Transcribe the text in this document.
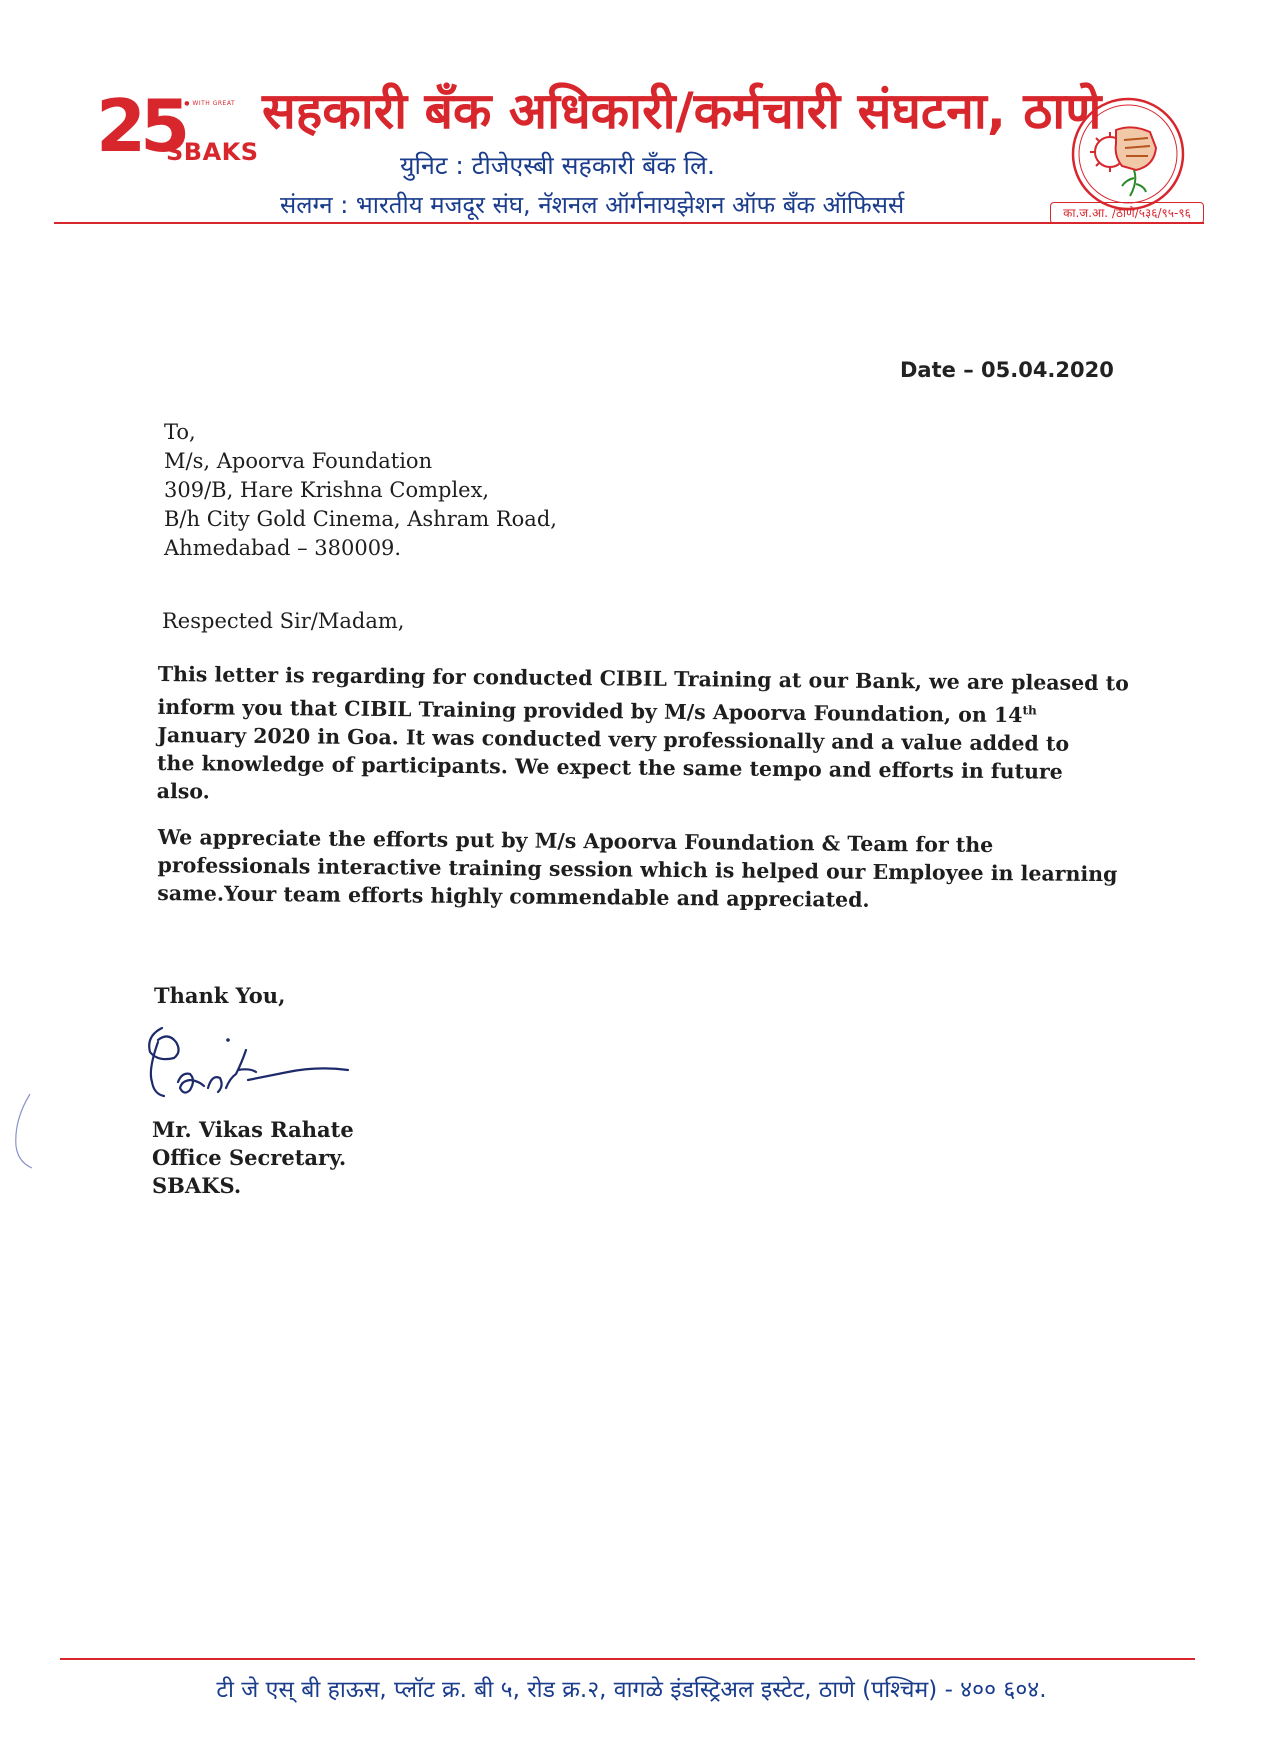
25
● ● ● WITH GREAT
SBAKS
सहकारी बँक अधिकारी/कर्मचारी संघटना, ठाणे
युनिट : टीजेएस्बी सहकारी बँक लि.
संलग्न : भारतीय मजदूर संघ, नॅशनल ऑर्गनायझेशन ऑफ बँक ऑफिसर्स	का.ज.आ. /ठाणे/५३६/९५-९६
Date – 05.04.2020
To,
M/s, Apoorva Foundation
309/B, Hare Krishna Complex,
B/h City Gold Cinema, Ashram Road,
Ahmedabad – 380009.
Respected Sir/Madam,
This letter is regarding for conducted CIBIL Training at our Bank, we are pleased to
inform you that CIBIL Training provided by M/s Apoorva Foundation, on 14th
January 2020 in Goa. It was conducted very professionally and a value added to
the knowledge of participants. We expect the same tempo and efforts in future
also.
We appreciate the efforts put by M/s Apoorva Foundation & Team for the
professionals interactive training session which is helped our Employee in learning
same.Your team efforts highly commendable and appreciated.
Thank You,
Mr. Vikas Rahate
Office Secretary.
SBAKS.
टी जे एस् बी हाऊस, प्लॉट क्र. बी ५, रोड क्र.२, वागळे इंडस्ट्रिअल इस्टेट, ठाणे (पश्चिम) - ४०० ६०४.
